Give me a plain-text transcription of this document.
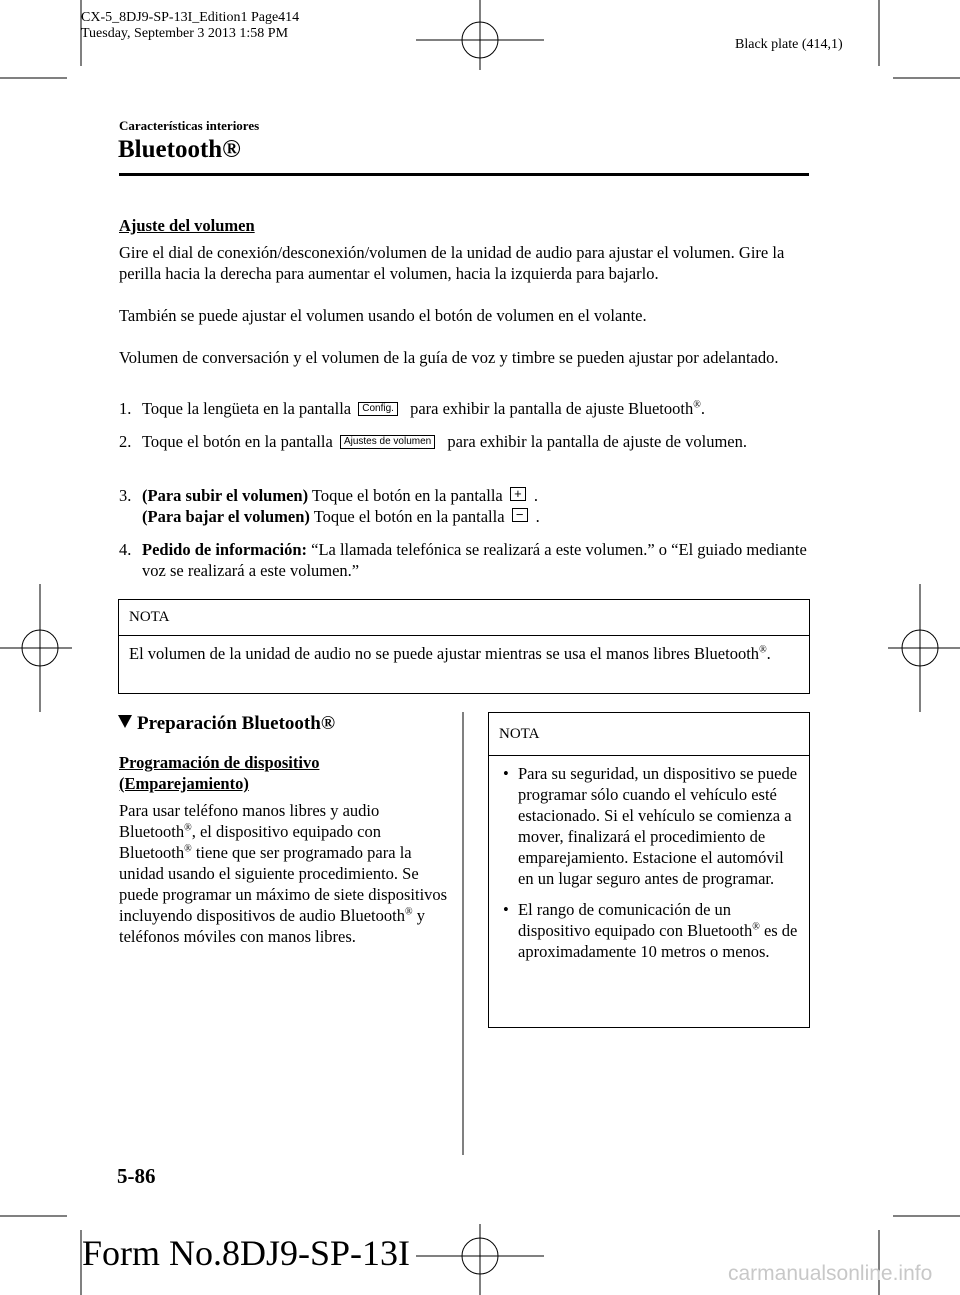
CX-5_8DJ9-SP-13I_Edition1 Page414
Tuesday, September 3 2013 1:58 PM
Black plate (414,1)
Características interiores
Bluetooth®
Ajuste del volumen
Gire el dial de conexión/desconexión/volumen de la unidad de audio para ajustar el volumen. Gire la perilla hacia la derecha para aumentar el volumen, hacia la izquierda para bajarlo.
También se puede ajustar el volumen usando el botón de volumen en el volante.
Volumen de conversación y el volumen de la guía de voz y timbre se pueden ajustar por adelantado.
1. Toque la lengüeta en la pantalla Config. para exhibir la pantalla de ajuste Bluetooth®.
2. Toque el botón en la pantalla Ajustes de volumen para exhibir la pantalla de ajuste de volumen.
3. (Para subir el volumen) Toque el botón en la pantalla + .
(Para bajar el volumen) Toque el botón en la pantalla − .
4. Pedido de información: “La llamada telefónica se realizará a este volumen.” o “El guiado mediante voz se realizará a este volumen.”
NOTA
El volumen de la unidad de audio no se puede ajustar mientras se usa el manos libres Bluetooth®.
Preparación Bluetooth®
Programación de dispositivo
(Emparejamiento)
Para usar teléfono manos libres y audio Bluetooth®, el dispositivo equipado con Bluetooth® tiene que ser programado para la unidad usando el siguiente procedimiento. Se puede programar un máximo de siete dispositivos incluyendo dispositivos de audio Bluetooth® y teléfonos móviles con manos libres.
NOTA
• Para su seguridad, un dispositivo se puede programar sólo cuando el vehículo esté estacionado. Si el vehículo se comienza a mover, finalizará el procedimiento de emparejamiento. Estacione el automóvil en un lugar seguro antes de programar.
• El rango de comunicación de un dispositivo equipado con Bluetooth® es de aproximadamente 10 metros o menos.
5-86
Form No.8DJ9-SP-13I
carmanualsonline.info
